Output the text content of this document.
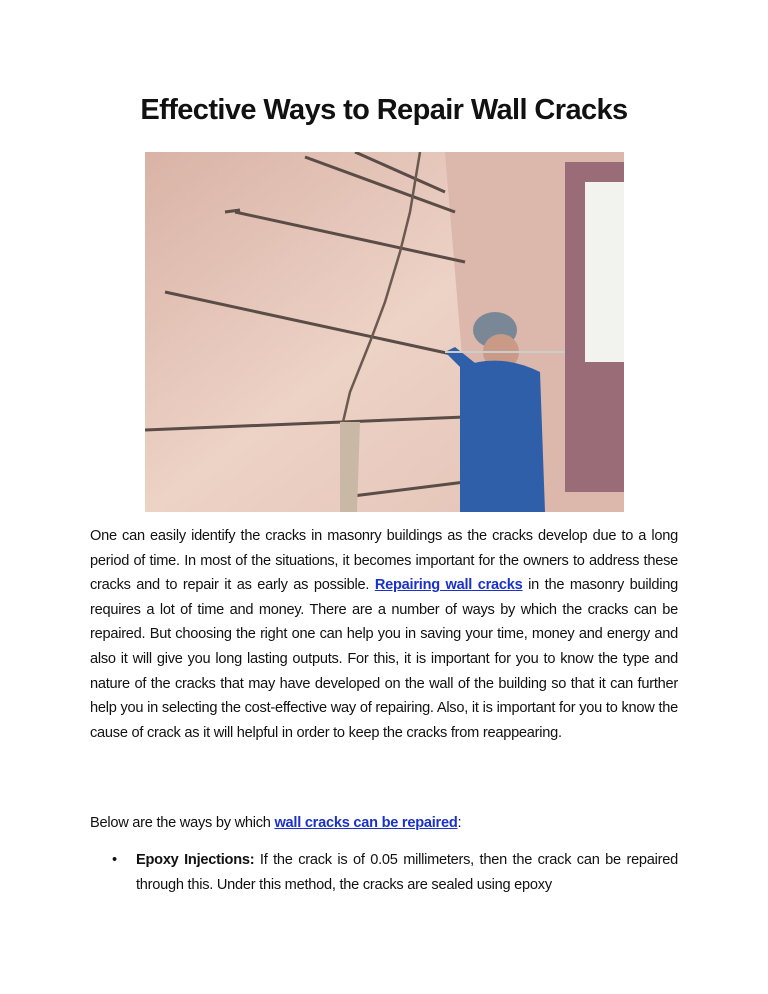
Effective Ways to Repair Wall Cracks

One can easily identify the cracks in masonry buildings as the cracks develop due to a long period of time. In most of the situations, it becomes important for the owners to address these cracks and to repair it as early as possible. Repairing wall cracks in the masonry building requires a lot of time and money. There are a number of ways by which the cracks can be repaired. But choosing the right one can help you in saving your time, money and energy and also it will give you long lasting outputs. For this, it is important for you to know the type and nature of the cracks that may have developed on the wall of the building so that it can further help you in selecting the cost-effective way of repairing. Also, it is important for you to know the cause of crack as it will helpful in order to keep the cracks from reappearing.

Below are the ways by which wall cracks can be repaired:

• Epoxy Injections: If the crack is of 0.05 millimeters, then the crack can be repaired through this. Under this method, the cracks are sealed using epoxy
